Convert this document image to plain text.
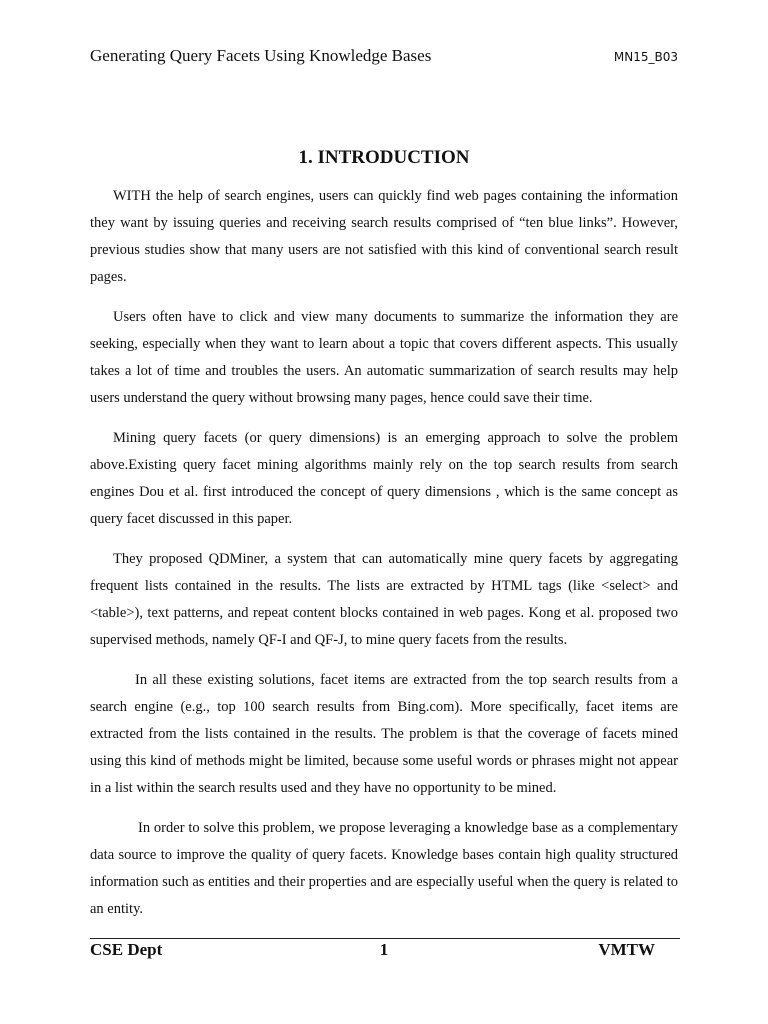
Generating Query Facets Using Knowledge Bases	MN15_B03
1. INTRODUCTION

WITH the help of search engines, users can quickly find web pages containing the information they want by issuing queries and receiving search results comprised of “ten blue links”. However, previous studies show that many users are not satisfied with this kind of conventional search result pages.

Users often have to click and view many documents to summarize the information they are seeking, especially when they want to learn about a topic that covers different aspects. This usually takes a lot of time and troubles the users. An automatic summarization of search results may help users understand the query without browsing many pages, hence could save their time.

Mining query facets (or query dimensions) is an emerging approach to solve the problem above.Existing query facet mining algorithms mainly rely on the top search results from search engines Dou et al. first introduced the concept of query dimensions , which is the same concept as query facet discussed in this paper.

They proposed QDMiner, a system that can automatically mine query facets by aggregating frequent lists contained in the results. The lists are extracted by HTML tags (like <select> and <table>), text patterns, and repeat content blocks contained in web pages. Kong et al. proposed two supervised methods, namely QF-I and QF-J, to mine query facets from the results.

In all these existing solutions, facet items are extracted from the top search results from a search engine (e.g., top 100 search results from Bing.com). More specifically, facet items are extracted from the lists contained in the results. The problem is that the coverage of facets mined using this kind of methods might be limited, because some useful words or phrases might not appear in a list within the search results used and they have no opportunity to be mined.

In order to solve this problem, we propose leveraging a knowledge base as a complementary data source to improve the quality of query facets. Knowledge bases contain high quality structured information such as entities and their properties and are especially useful when the query is related to an entity.

CSE Dept	1	VMTW
